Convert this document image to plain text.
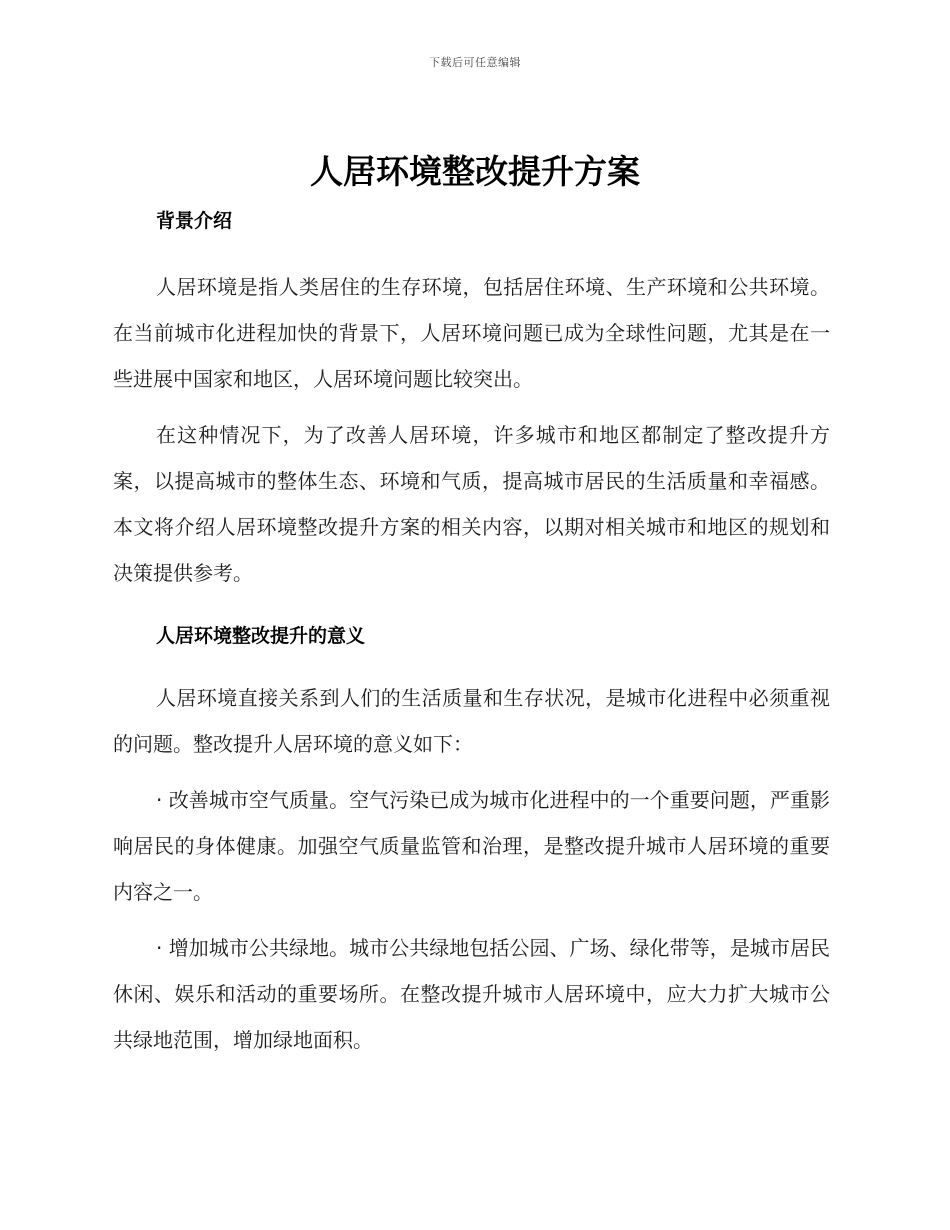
下载后可任意编辑
人居环境整改提升方案
背景介绍

人居环境是指人类居住的生存环境，包括居住环境、生产环境和公共环境。在当前城市化进程加快的背景下，人居环境问题已成为全球性问题，尤其是在一些进展中国家和地区，人居环境问题比较突出。

在这种情况下，为了改善人居环境，许多城市和地区都制定了整改提升方案，以提高城市的整体生态、环境和气质，提高城市居民的生活质量和幸福感。本文将介绍人居环境整改提升方案的相关内容，以期对相关城市和地区的规划和决策提供参考。

人居环境整改提升的意义

人居环境直接关系到人们的生活质量和生存状况，是城市化进程中必须重视的问题。整改提升人居环境的意义如下：

· 改善城市空气质量。空气污染已成为城市化进程中的一个重要问题，严重影响居民的身体健康。加强空气质量监管和治理，是整改提升城市人居环境的重要内容之一。

· 增加城市公共绿地。城市公共绿地包括公园、广场、绿化带等，是城市居民休闲、娱乐和活动的重要场所。在整改提升城市人居环境中，应大力扩大城市公共绿地范围，增加绿地面积。
